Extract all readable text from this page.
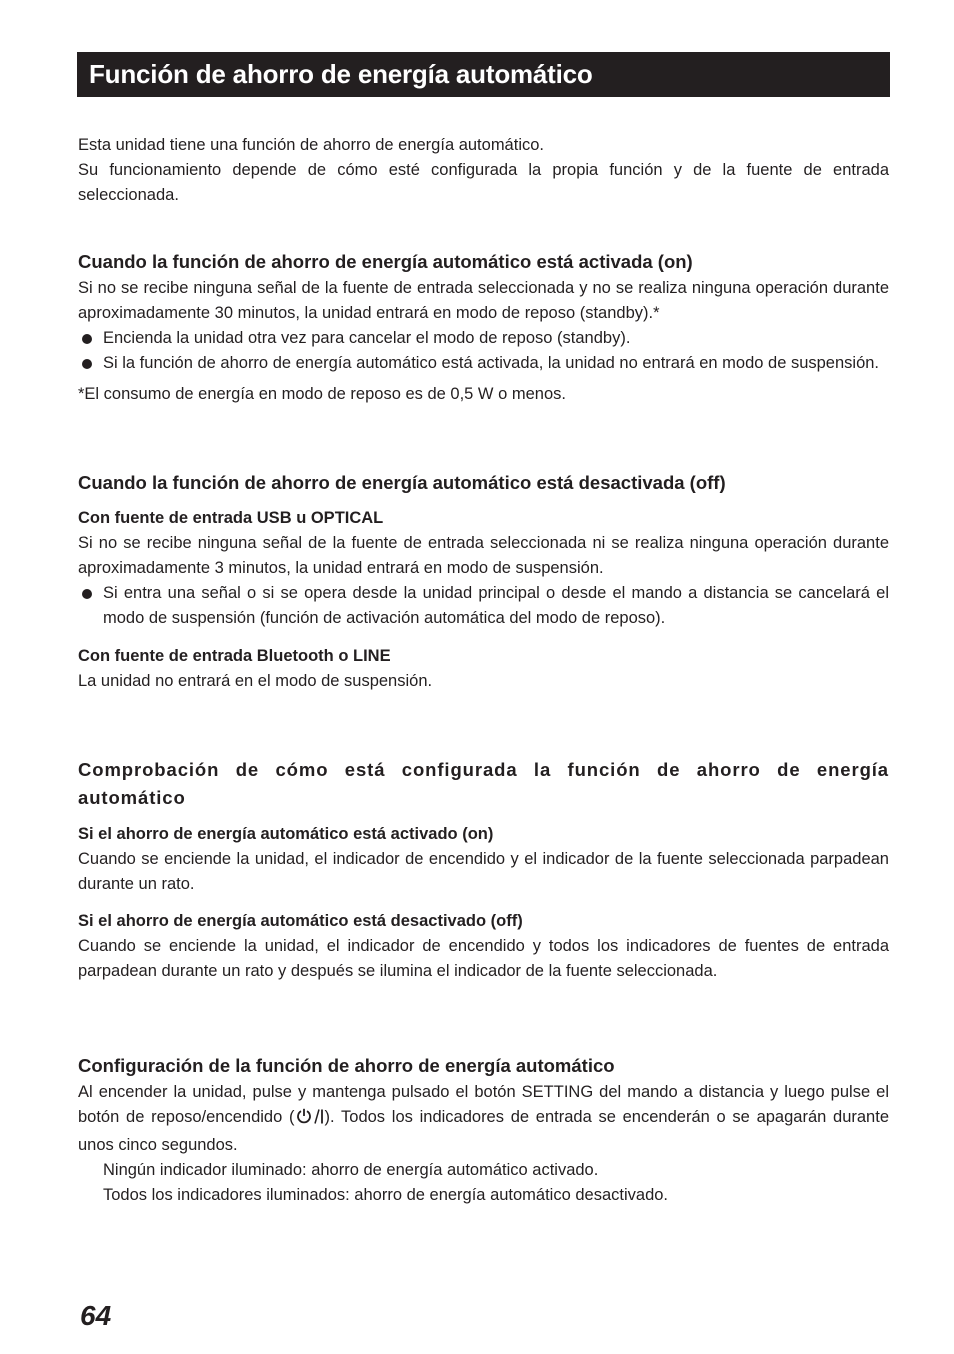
Función de ahorro de energía automático

Esta unidad tiene una función de ahorro de energía automático.

Su funcionamiento depende de cómo esté configurada la propia función y de la fuente de entrada seleccionada.

Cuando la función de ahorro de energía automático está activada (on)

Si no se recibe ninguna señal de la fuente de entrada seleccionada y no se realiza ninguna operación durante aproximadamente 30 minutos, la unidad entrará en modo de reposo (standby).*

Encienda la unidad otra vez para cancelar el modo de reposo (standby).
Si la función de ahorro de energía automático está activada, la unidad no entrará en modo de suspensión.

*El consumo de energía en modo de reposo es de 0,5 W o menos.

Cuando la función de ahorro de energía automático está desactivada (off)

Con fuente de entrada USB u OPTICAL

Si no se recibe ninguna señal de la fuente de entrada seleccionada ni se realiza ninguna operación durante aproximadamente 3 minutos, la unidad entrará en modo de suspensión.

Si entra una señal o si se opera desde la unidad principal o desde el mando a distancia se cancelará el modo de suspensión (función de activación automática del modo de reposo).

Con fuente de entrada Bluetooth o LINE

La unidad no entrará en el modo de suspensión.

Comprobación de cómo está configurada la función de ahorro de energía automático

Si el ahorro de energía automático está activado (on)

Cuando se enciende la unidad, el indicador de encendido y el indicador de la fuente seleccionada parpadean durante un rato.

Si el ahorro de energía automático está desactivado (off)

Cuando se enciende la unidad, el indicador de encendido y todos los indicadores de fuentes de entrada parpadean durante un rato y después se ilumina el indicador de la fuente seleccionada.

Configuración de la función de ahorro de energía automático

Al encender la unidad, pulse y mantenga pulsado el botón SETTING del mando a distancia y luego pulse el botón de reposo/encendido ( ). Todos los indicadores de entrada se encenderán o se apagarán durante unos cinco segundos.

Ningún indicador iluminado: ahorro de energía automático activado.

Todos los indicadores iluminados: ahorro de energía automático desactivado.

64
